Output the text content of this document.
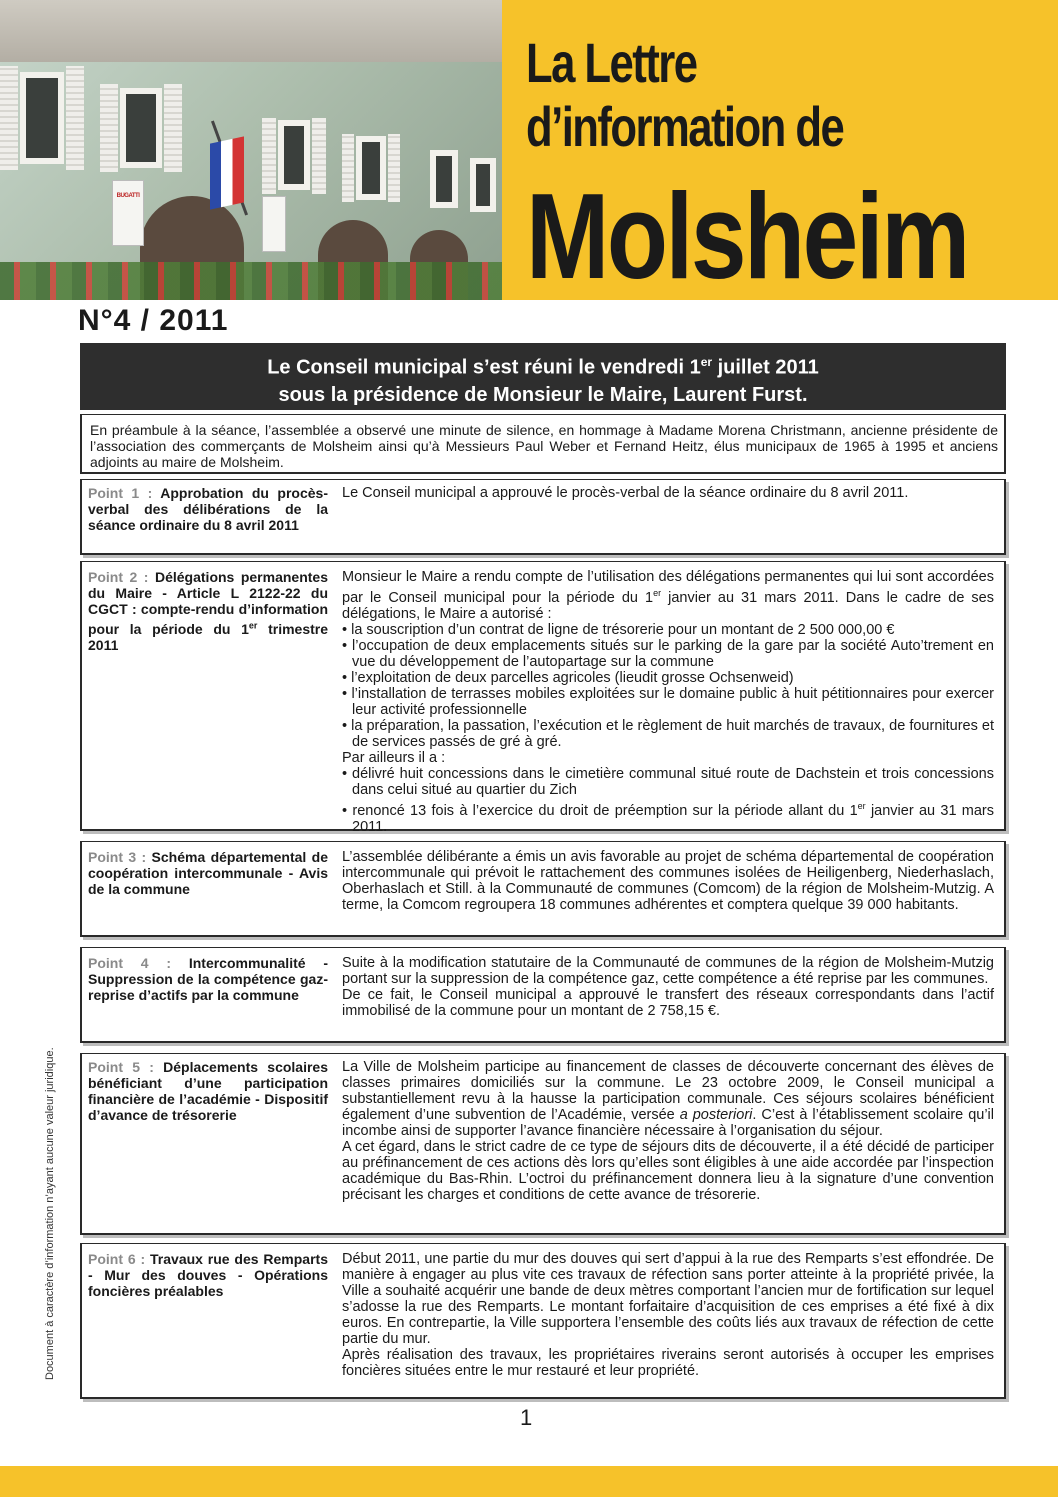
BUGATTI
La Lettre
d’information de
Molsheim
N°4 / 2011
Le Conseil municipal s’est réuni le vendredi 1er juillet 2011
sous la présidence de Monsieur le Maire, Laurent Furst.
En préambule à la séance, l’assemblée a observé une minute de silence, en hommage à Madame Morena Christmann, ancienne présidente de l’association des commerçants de Molsheim ainsi qu’à Messieurs Paul Weber et Fernand Heitz, élus municipaux de 1965 à 1995 et anciens adjoints au maire de Molsheim.
Point 1 : Approbation du procès-verbal des délibérations de la séance ordinaire du 8 avril 2011

Le Conseil municipal a approuvé le procès-verbal de la séance ordinaire du 8 avril 2011.

Point 2 : Délégations permanentes du Maire - Article L 2122-22 du CGCT : compte-rendu d’information pour la période du 1er trimestre 2011

Monsieur le Maire a rendu compte de l’utilisation des délégations permanentes qui lui sont accordées par le Conseil municipal pour la période du 1er janvier au 31 mars 2011. Dans le cadre de ses délégations, le Maire a autorisé :

• la souscription d’un contrat de ligne de trésorerie pour un montant de 2 500 000,00 €
• l’occupation de deux emplacements situés sur le parking de la gare par la société Auto’trement en vue du développement de l’autopartage sur la commune
• l’exploitation de deux parcelles agricoles (lieudit grosse Ochsenweid)
• l’installation de terrasses mobiles exploitées sur le domaine public à huit pétitionnaires pour exercer leur activité professionnelle
• la préparation, la passation, l’exécution et le règlement de huit marchés de travaux, de fournitures et de services passés de gré à gré.

Par ailleurs il a :

• délivré huit concessions dans le cimetière communal situé route de Dachstein et trois concessions dans celui situé au quartier du Zich
• renoncé 13 fois à l’exercice du droit de préemption sur la période allant du 1er janvier au 31 mars 2011.
Point 3 : Schéma départemental de coopération intercommunale - Avis de la commune

L’assemblée délibérante a émis un avis favorable au projet de schéma départemental de coopération intercommunale qui prévoit le rattachement des communes isolées de Heiligenberg, Niederhaslach, Oberhaslach et Still. à la Communauté de communes (Comcom) de la région de Molsheim-Mutzig. A terme, la Comcom regroupera 18 communes adhérentes et comptera quelque 39 000 habitants.

Point 4 : Intercommunalité - Suppression de la compétence gaz- reprise d’actifs par la commune

Suite à la modification statutaire de la Communauté de communes de la région de Molsheim-Mutzig portant sur la suppression de la compétence gaz, cette compétence a été reprise par les communes.

De ce fait, le Conseil municipal a approuvé le transfert des réseaux correspondants dans l’actif immobilisé de la commune pour un montant de 2 758,15 €.

Point 5 : Déplacements scolaires bénéficiant d’une participation financière de l’académie - Dispositif d’avance de trésorerie

La Ville de Molsheim participe au financement de classes de découverte concernant des élèves de classes primaires domiciliés sur la commune. Le 23 octobre 2009, le Conseil municipal a substantiellement revu à la hausse la participation communale. Ces séjours scolaires bénéficient également d’une subvention de l’Académie, versée a posteriori. C’est à l’établissement scolaire qu’il incombe ainsi de supporter l’avance financière nécessaire à l’organisation du séjour.

A cet égard, dans le strict cadre de ce type de séjours dits de découverte, il a été décidé de participer au préfinancement de ces actions dès lors qu’elles sont éligibles à une aide accordée par l’inspection académique du Bas-Rhin. L’octroi du préfinancement donnera lieu à la signature d’une convention précisant les charges et conditions de cette avance de trésorerie.

Point 6 : Travaux rue des Remparts - Mur des douves - Opérations foncières préalables

Début 2011, une partie du mur des douves qui sert d’appui à la rue des Remparts s’est effondrée. De manière à engager au plus vite ces travaux de réfection sans porter atteinte à la propriété privée, la Ville a souhaité acquérir une bande de deux mètres comportant l’ancien mur de fortification sur lequel s’adosse la rue des Remparts. Le montant forfaitaire d’acquisition de ces emprises a été fixé à dix euros. En contrepartie, la Ville supportera l’ensemble des coûts liés aux travaux de réfection de cette partie du mur.

Après réalisation des travaux, les propriétaires riverains seront autorisés à occuper les emprises foncières situées entre le mur restauré et leur propriété.

Document à caractère d’information n’ayant aucune valeur juridique.
1
